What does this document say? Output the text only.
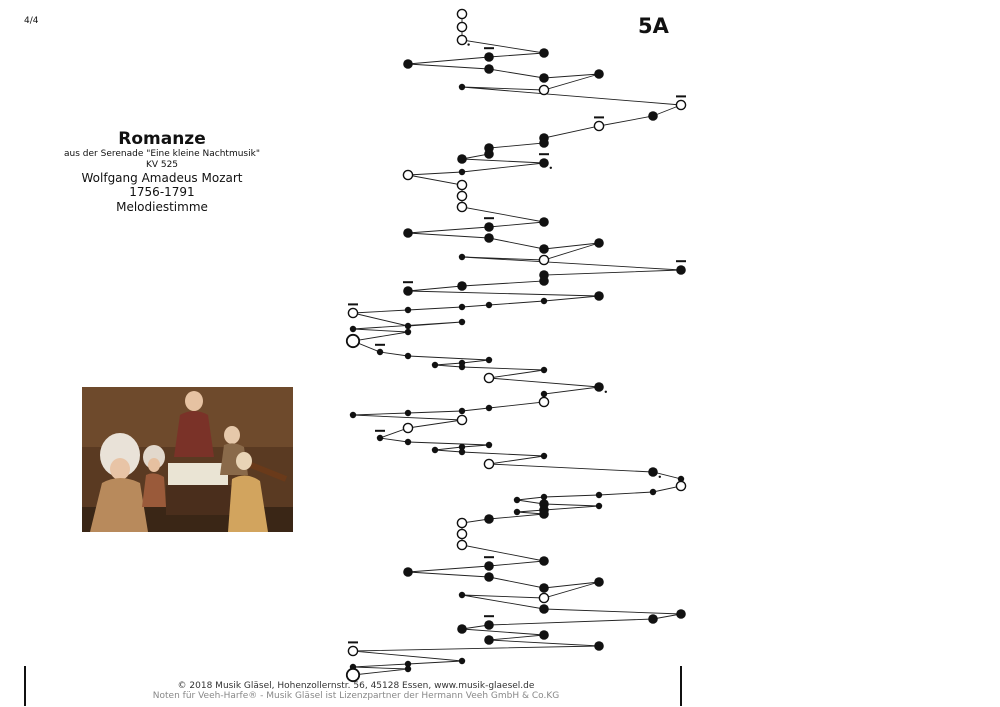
4/4	5A
Romanze
aus der Serenade "Eine kleine Nachtmusik"
KV 525
Wolfgang Amadeus Mozart
1756-1791
Melodiestimme
© 2018 Musik Gläsel, Hohenzollernstr. 56, 45128 Essen, www.musik-glaesel.de
Noten für Veeh-Harfe® - Musik Gläsel ist Lizenzpartner der Hermann Veeh GmbH & Co.KG
